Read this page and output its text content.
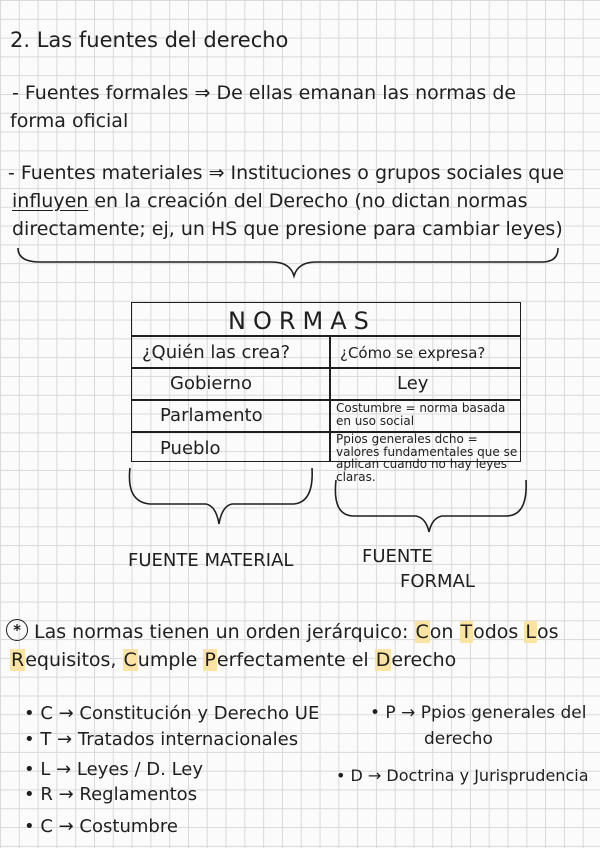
2. Las fuentes del derecho
- Fuentes formales ⇒ De ellas emanan las normas de
forma oficial
- Fuentes materiales ⇒ Instituciones o grupos sociales que
influyen en la creación del Derecho (no dictan normas
directamente; ej, un HS que presione para cambiar leyes)
NORMAS
¿Quién las crea?	¿Cómo se expresa?
Gobierno	Ley
Parlamento	Costumbre = norma basada en uso social
Pueblo	Ppios generales dcho = valores fundamentales que se aplican cuando no hay leyes claras.
FUENTE MATERIAL	FUENTE
FORMAL
* Las normas tienen un orden jerárquico: Con Todos Los
Requisitos, Cumple Perfectamente el Derecho
• C → Constitución y Derecho UE
• T → Tratados internacionales
• L → Leyes / D. Ley
• R → Reglamentos
• C → Costumbre
• P → Ppios generales del
derecho
• D → Doctrina y Jurisprudencia
